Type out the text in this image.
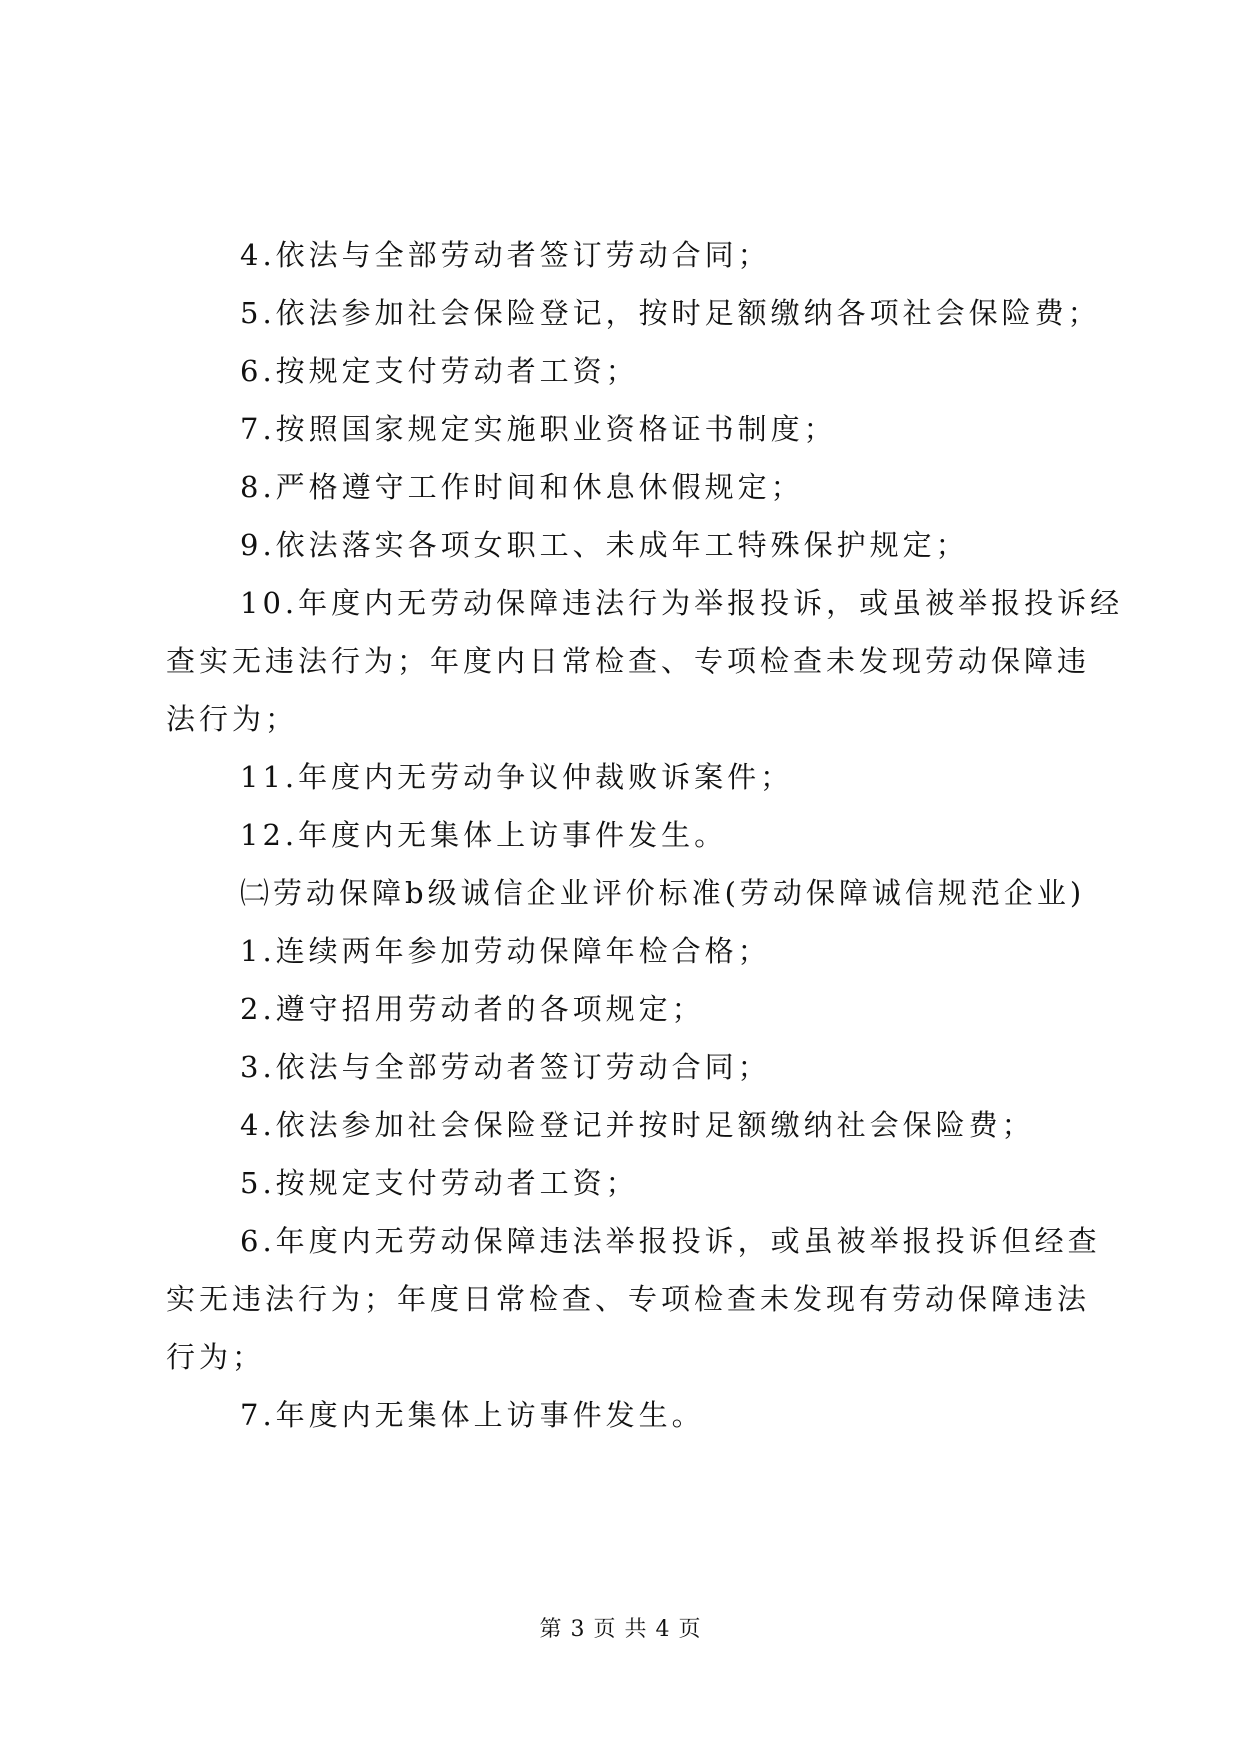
4.依法与全部劳动者签订劳动合同；

5.依法参加社会保险登记，按时足额缴纳各项社会保险费；

6.按规定支付劳动者工资；

7.按照国家规定实施职业资格证书制度；

8.严格遵守工作时间和休息休假规定；

9.依法落实各项女职工、未成年工特殊保护规定；

10.年度内无劳动保障违法行为举报投诉，或虽被举报投诉经

查实无违法行为；年度内日常检查、专项检查未发现劳动保障违

法行为；

11.年度内无劳动争议仲裁败诉案件；

12.年度内无集体上访事件发生。

㈡劳动保障b级诚信企业评价标准(劳动保障诚信规范企业)

1.连续两年参加劳动保障年检合格；

2.遵守招用劳动者的各项规定；

3.依法与全部劳动者签订劳动合同；

4.依法参加社会保险登记并按时足额缴纳社会保险费；

5.按规定支付劳动者工资；

6.年度内无劳动保障违法举报投诉，或虽被举报投诉但经查

实无违法行为；年度日常检查、专项检查未发现有劳动保障违法

行为；

7.年度内无集体上访事件发生。

第 3 页 共 4 页
